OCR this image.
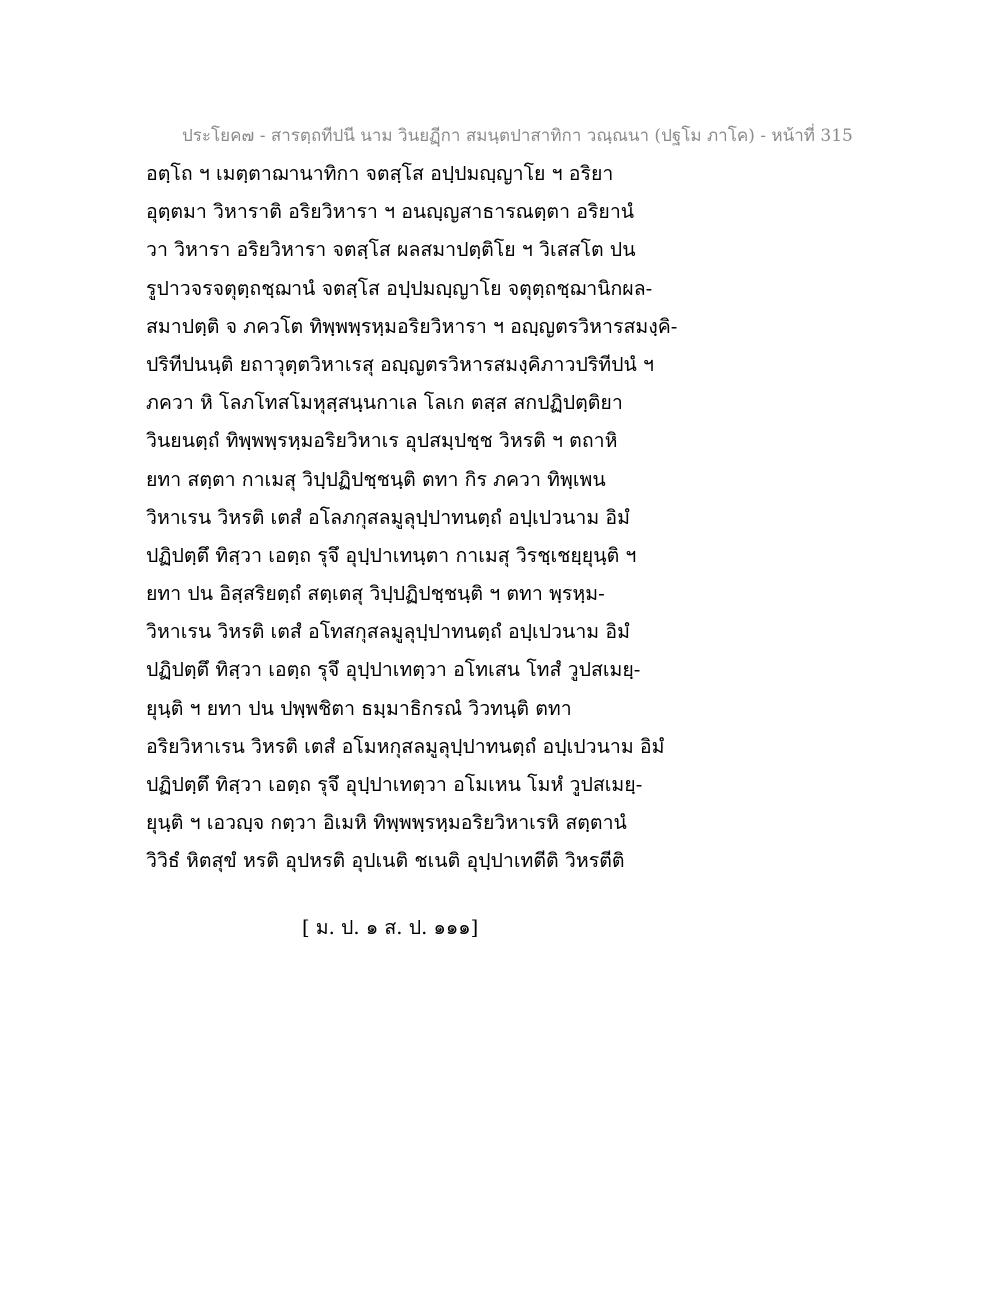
ประโยค๗ - สารตฺถทีปนี นาม วินยฏฺีกา สมนฺตปาสาทิกา วณฺณนา (ปฐโม ภาโค) - หน้าที่ 315
อตฺโถ ฯ เมตฺตาฌานาทิกา จตสฺโส อปฺปมญฺญาโย ฯ อริยา
อุตฺตมา วิหาราติ อริยวิหารา ฯ อนญฺญสาธารณตฺตา อริยานํ
วา วิหารา อริยวิหารา จตสฺโส ผลสมาปตฺติโย ฯ วิเสสโต ปน
รูปาวจรจตุตฺถชฺฌานํ จตสฺโส อปฺปมญฺญาโย จตุตฺถชฺฌานิกผล-
สมาปตฺติ จ ภควโต ทิพฺพพฺรหฺมอริยวิหารา ฯ อญฺญตรวิหารสมงฺคิ-
ปริทีปนนฺติ ยถาวุตฺตวิหาเรสุ อญฺญตรวิหารสมงฺคิภาวปริทีปนํ ฯ
ภควา หิ โลภโทสโมหุสฺสนฺนกาเล โลเก ตสฺส สกปฏิปตฺติยา
วินยนตฺถํ ทิพฺพพฺรหฺมอริยวิหาเร อุปสมฺปชฺช วิหรติ ฯ ตถาหิ
ยทา สตฺตา กาเมสุ วิปฺปฏิปชฺชนฺติ ตทา กิร ภควา ทิพฺเพน
วิหาเรน วิหรติ เตสํ อโลภกุสลมูลุปฺปาทนตฺถํ อปฺเปวนาม อิมํ
ปฏิปตฺตึ ทิสฺวา เอตฺถ รุจึ อุปฺปาเทนฺตา กาเมสุ วิรชฺเชยฺยุนฺติ ฯ
ยทา ปน อิสฺสริยตฺถํ สตฺเตสุ วิปฺปฏิปชฺชนฺติ ฯ ตทา พฺรหฺม-
วิหาเรน วิหรติ เตสํ อโทสกุสลมูลุปฺปาทนตฺถํ อปฺเปวนาม อิมํ
ปฏิปตฺตึ ทิสฺวา เอตฺถ รุจึ อุปฺปาเทตฺวา อโทเสน โทสํ วูปสเมยฺ-
ยุนฺติ ฯ ยทา ปน ปพฺพชิตา ธมฺมาธิกรณํ วิวทนฺติ ตทา
อริยวิหาเรน วิหรติ เตสํ อโมหกุสลมูลุปฺปาทนตฺถํ อปฺเปวนาม อิมํ
ปฏิปตฺตึ ทิสฺวา เอตฺถ รุจึ อุปฺปาเทตฺวา อโมเหน โมหํ วูปสเมยฺ-
ยุนฺติ ฯ เอวญฺจ กตฺวา อิเมหิ ทิพฺพพฺรหฺมอริยวิหาเรหิ สตฺตานํ
วิวิธํ หิตสุขํ หรติ อุปหรติ อุปเนติ ชเนติ อุปฺปาเทตีติ วิหรตีติ
[ ม. ป. ๑ ส. ป. ๑๑๑]
